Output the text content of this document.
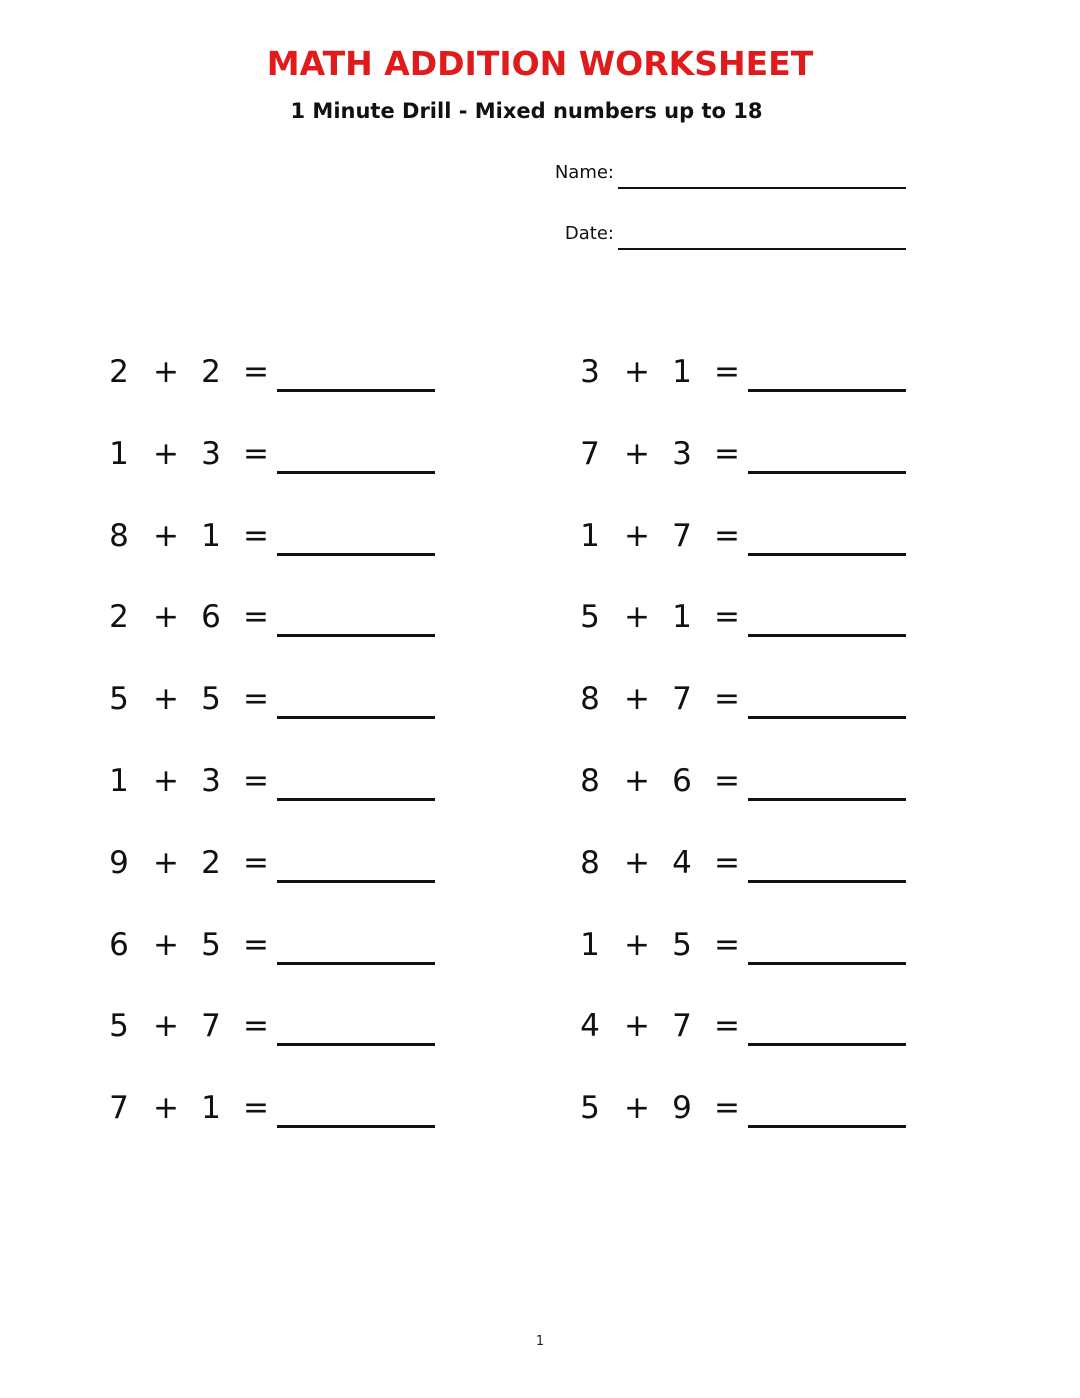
MATH ADDITION WORKSHEET
1 Minute Drill - Mixed numbers up to 18
Name:
Date:
2 + 2 =
1 + 3 =
8 + 1 =
2 + 6 =
5 + 5 =
1 + 3 =
9 + 2 =
6 + 5 =
5 + 7 =
7 + 1 =
3 + 1 =
7 + 3 =
1 + 7 =
5 + 1 =
8 + 7 =
8 + 6 =
8 + 4 =
1 + 5 =
4 + 7 =
5 + 9 =
1
